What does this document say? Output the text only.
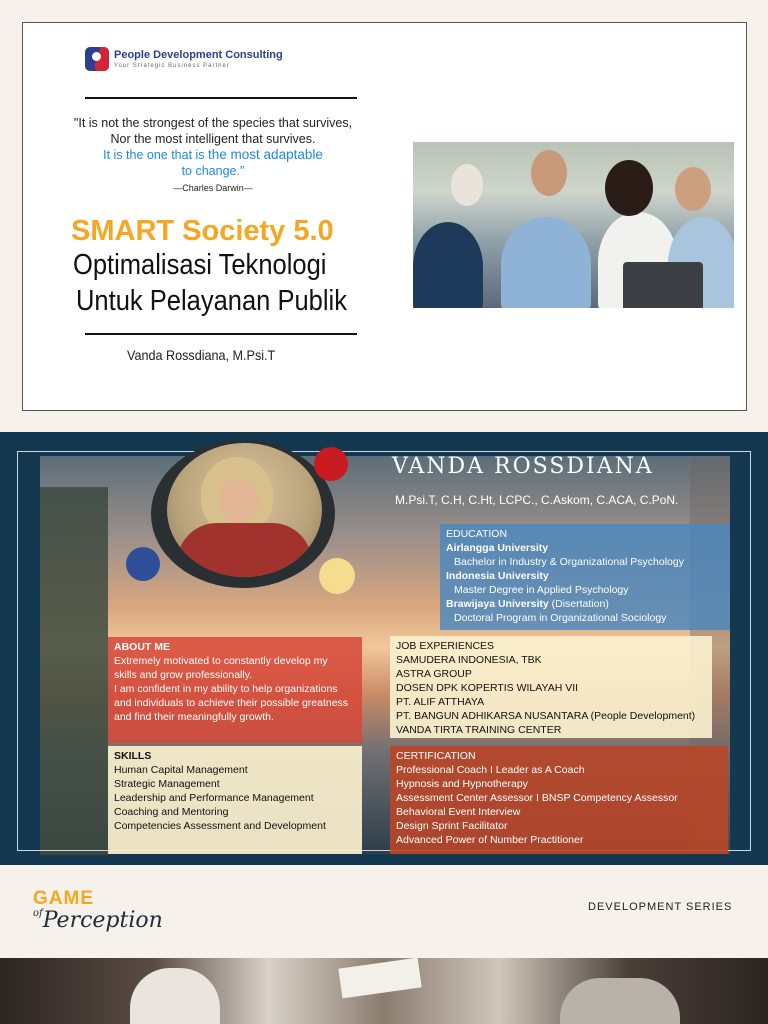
People Development Consulting
Your Strategic Business Partner
"It is not the strongest of the species that survives,
Nor the most intelligent that survives.
It is the one that is the most adaptable
to change."
—Charles Darwin—
SMART Society 5.0
Optimalisasi Teknologi
Untuk Pelayanan Publik
Vanda Rossdiana, M.Psi.T
VANDA ROSSDIANA
M.Psi.T, C.H, C.Ht, LCPC., C.Askom, C.ACA, C.PoN.
EDUCATION
Airlangga University
Bachelor in Industry & Organizational Psychology
Indonesia University
Master Degree in Applied Psychology
Brawijaya University (Disertation)
Doctoral Program in Organizational Sociology
ABOUT ME
Extremely motivated to constantly develop my
skills and grow professionally.
I am confident in my ability to help organizations
and individuals to achieve their possible greatness
and find their meaningfully growth.
JOB EXPERIENCES
SAMUDERA INDONESIA, TBK
ASTRA GROUP
DOSEN DPK KOPERTIS WILAYAH VII
PT. ALIF ATTHAYA
PT. BANGUN ADHIKARSA NUSANTARA (People Development)
VANDA TIRTA TRAINING CENTER
SKILLS
Human Capital Management
Strategic Management
Leadership and Performance Management
Coaching and Mentoring
Competencies Assessment and Development
CERTIFICATION
Professional Coach I Leader as A Coach
Hypnosis and Hypnotherapy
Assessment Center Assessor I BNSP Competency Assessor
Behavioral Event Interview
Design Sprint Facilitator
Advanced Power of Number Practitioner
GAME
$^{of}$Perception
DEVELOPMENT SERIES
